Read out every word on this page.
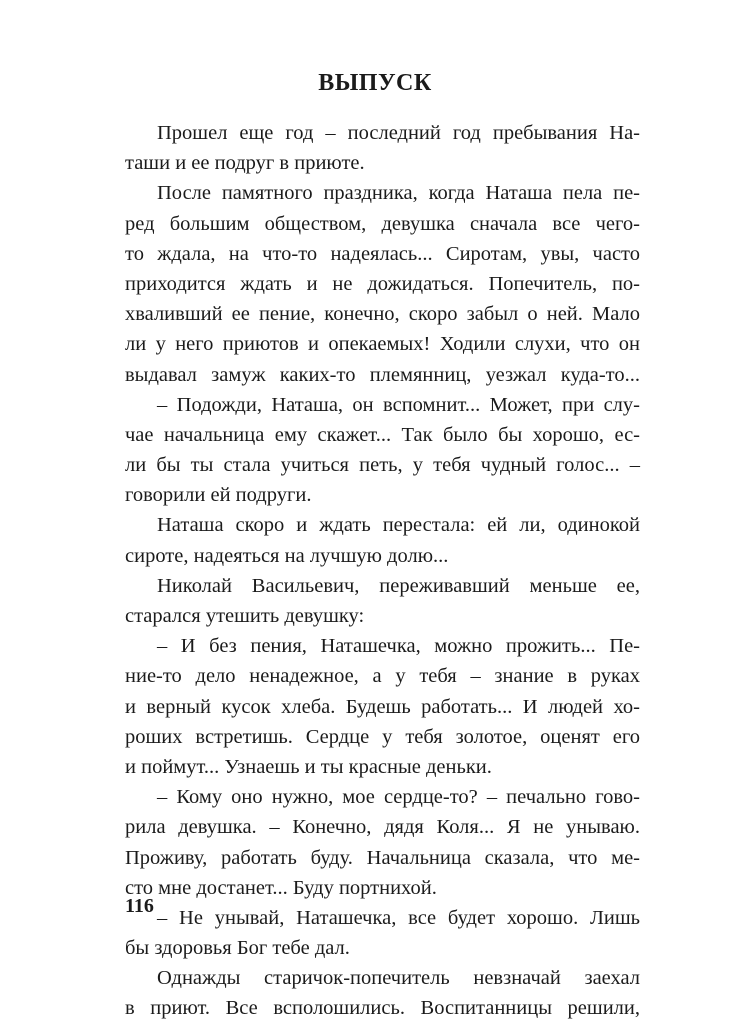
ВЫПУСК
Прошел еще год – последний год пребывания На-
таши и ее подруг в приюте.
После памятного праздника, когда Наташа пела пе-
ред большим обществом, девушка сначала все чего-
то ждала, на что-то надеялась... Сиротам, увы, часто
приходится ждать и не дожидаться. Попечитель, по-
хваливший ее пение, конечно, скоро забыл о ней. Мало
ли у него приютов и опекаемых! Ходили слухи, что он
выдавал замуж каких-то племянниц, уезжал куда-то...
– Подожди, Наташа, он вспомнит... Может, при слу-
чае начальница ему скажет... Так было бы хорошо, ес-
ли бы ты стала учиться петь, у тебя чудный голос... –
говорили ей подруги.
Наташа скоро и ждать перестала: ей ли, одинокой
сироте, надеяться на лучшую долю...
Николай Васильевич, переживавший меньше ее,
старался утешить девушку:
– И без пения, Наташечка, можно прожить... Пе-
ние-то дело ненадежное, а у тебя – знание в руках
и верный кусок хлеба. Будешь работать... И людей хо-
роших встретишь. Сердце у тебя золотое, оценят его
и поймут... Узнаешь и ты красные деньки.
– Кому оно нужно, мое сердце-то? – печально гово-
рила девушка. – Конечно, дядя Коля... Я не унываю.
Проживу, работать буду. Начальница сказала, что ме-
сто мне достанет... Буду портнихой.
– Не унывай, Наташечка, все будет хорошо. Лишь
бы здоровья Бог тебе дал.
Однажды старичок-попечитель невзначай заехал
в приют. Все всполошились. Воспитанницы решили,
116
